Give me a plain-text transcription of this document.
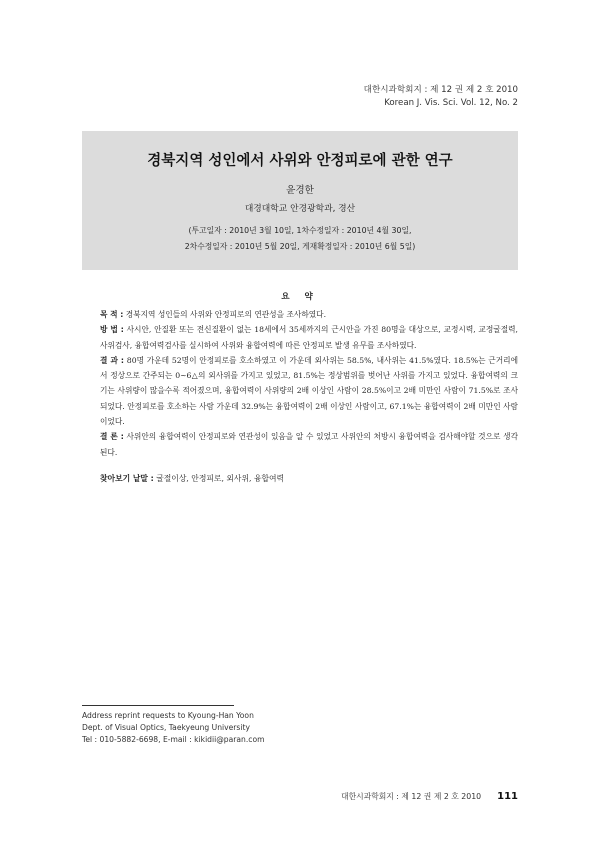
대한시과학회지 : 제 12 권 제 2 호 2010
Korean J. Vis. Sci. Vol. 12, No. 2
경북지역 성인에서 사위와 안정피로에 관한 연구
윤경한
대경대학교 안경광학과, 경산
(투고일자 : 2010년 3월 10일, 1차수정일자 : 2010년 4월 30일,
2차수정일자 : 2010년 5월 20일, 게재확정일자 : 2010년 6월 5일)
요 약

목 적 : 경북지역 성인들의 사위와 안정피로의 연관성을 조사하였다.

방 법 : 사시안, 안질환 또는 전신질환이 없는 18세에서 35세까지의 근시안을 가진 80명을 대상으로, 교정시력, 교정굴절력, 사위검사, 융합여력검사를 실시하여 사위와 융합여력에 따른 안정피로 발생 유무를 조사하였다.

결 과 : 80명 가운데 52명이 안정피로를 호소하였고 이 가운데 외사위는 58.5%, 내사위는 41.5%였다. 18.5%는 근거리에서 정상으로 간주되는 0~6△의 외사위를 가지고 있었고, 81.5%는 정상범위를 벗어난 사위를 가지고 있었다. 융합여력의 크기는 사위량이 많을수록 적어졌으며, 융합여력이 사위량의 2배 이상인 사람이 28.5%이고 2배 미만인 사람이 71.5%로 조사되었다. 안정피로를 호소하는 사람 가운데 32.9%는 융합여력이 2배 이상인 사람이고, 67.1%는 융합여력이 2배 미만인 사람이었다.

결 론 : 사위안의 융합여력이 안정피로와 연관성이 있음을 알 수 있었고 사위안의 처방시 융합여력을 검사해야할 것으로 생각된다.

찾아보기 낱말 : 굴절이상, 안정피로, 외사위, 융합여력
Address reprint requests to Kyoung-Han Yoon
Dept. of Visual Optics, Taekyeung University
Tel : 010-5882-6698, E-mail : kikidii@paran.com
대한시과학회지 : 제 12 권 제 2 호 2010 111
